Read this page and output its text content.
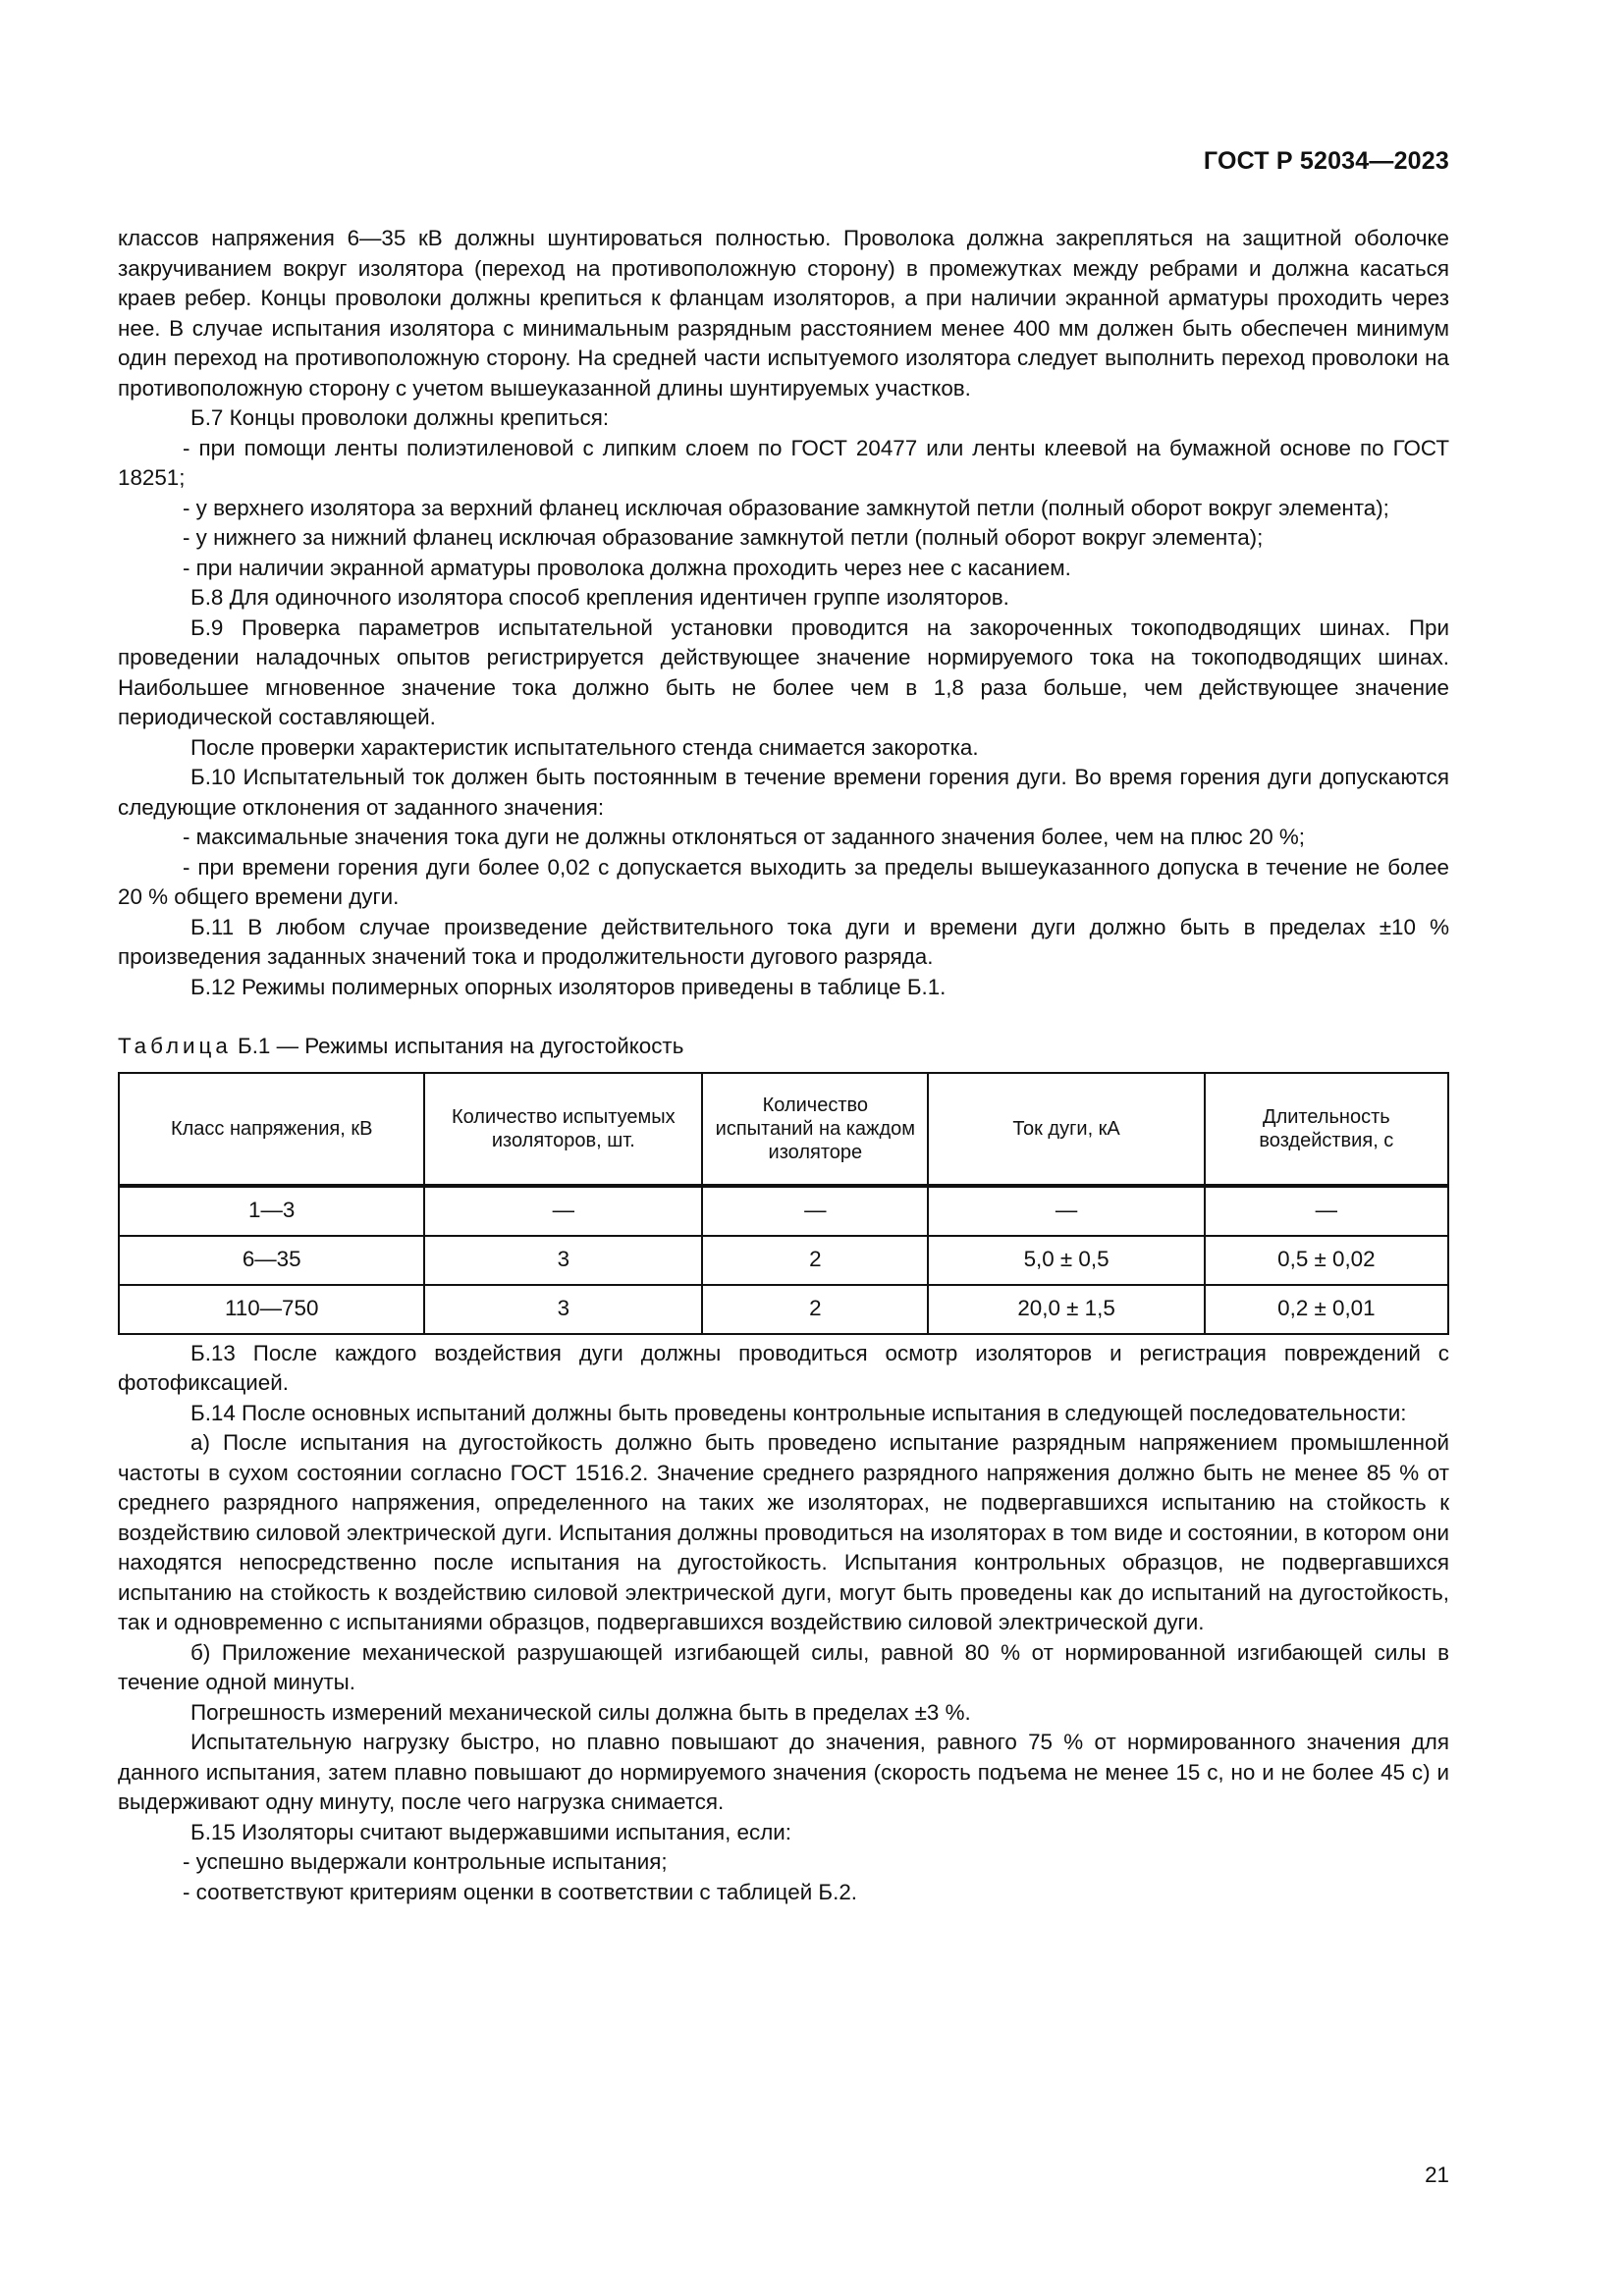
ГОСТ Р 52034—2023

классов напряжения 6—35 кВ должны шунтироваться полностью. Проволока должна закрепляться на защитной оболочке закручиванием вокруг изолятора (переход на противоположную сторону) в промежутках между ребрами и должна касаться краев ребер. Концы проволоки должны крепиться к фланцам изоляторов, а при наличии экранной арматуры проходить через нее. В случае испытания изолятора с минимальным разрядным расстоянием менее 400 мм должен быть обеспечен минимум один переход на противоположную сторону. На средней части испытуемого изолятора следует выполнить переход проволоки на противоположную сторону с учетом вышеуказанной длины шунтируемых участков.

Б.7 Концы проволоки должны крепиться:

- при помощи ленты полиэтиленовой с липким слоем по ГОСТ 20477 или ленты клеевой на бумажной основе по ГОСТ 18251;

- у верхнего изолятора за верхний фланец исключая образование замкнутой петли (полный оборот вокруг элемента);

- у нижнего за нижний фланец исключая образование замкнутой петли (полный оборот вокруг элемента);

- при наличии экранной арматуры проволока должна проходить через нее с касанием.

Б.8 Для одиночного изолятора способ крепления идентичен группе изоляторов.

Б.9 Проверка параметров испытательной установки проводится на закороченных токоподводящих шинах. При проведении наладочных опытов регистрируется действующее значение нормируемого тока на токоподводящих шинах. Наибольшее мгновенное значение тока должно быть не более чем в 1,8 раза больше, чем действующее значение периодической составляющей.

После проверки характеристик испытательного стенда снимается закоротка.

Б.10 Испытательный ток должен быть постоянным в течение времени горения дуги. Во время горения дуги допускаются следующие отклонения от заданного значения:

- максимальные значения тока дуги не должны отклоняться от заданного значения более, чем на плюс 20 %;

- при времени горения дуги более 0,02 с допускается выходить за пределы вышеуказанного допуска в течение не более 20 % общего времени дуги.

Б.11 В любом случае произведение действительного тока дуги и времени дуги должно быть в пределах ±10 % произведения заданных значений тока и продолжительности дугового разряда.

Б.12 Режимы полимерных опорных изоляторов приведены в таблице Б.1.

Таблица Б.1 — Режимы испытания на дугостойкость

Класс напряжения, кВ	Количество испытуемых изоляторов, шт.	Количество испытаний на каждом изоляторе	Ток дуги, кА	Длительность воздействия, с
1—3	—	—	—	—
6—35	3	2	5,0 ± 0,5	0,5 ± 0,02
110—750	3	2	20,0 ± 1,5	0,2 ± 0,01

Б.13 После каждого воздействия дуги должны проводиться осмотр изоляторов и регистрация повреждений с фотофиксацией.

Б.14 После основных испытаний должны быть проведены контрольные испытания в следующей последовательности:

а) После испытания на дугостойкость должно быть проведено испытание разрядным напряжением промышленной частоты в сухом состоянии согласно ГОСТ 1516.2. Значение среднего разрядного напряжения должно быть не менее 85 % от среднего разрядного напряжения, определенного на таких же изоляторах, не подвергавшихся испытанию на стойкость к воздействию силовой электрической дуги. Испытания должны проводиться на изоляторах в том виде и состоянии, в котором они находятся непосредственно после испытания на дугостойкость. Испытания контрольных образцов, не подвергавшихся испытанию на стойкость к воздействию силовой электрической дуги, могут быть проведены как до испытаний на дугостойкость, так и одновременно с испытаниями образцов, подвергавшихся воздействию силовой электрической дуги.

б) Приложение механической разрушающей изгибающей силы, равной 80 % от нормированной изгибающей силы в течение одной минуты.

Погрешность измерений механической силы должна быть в пределах ±3 %.

Испытательную нагрузку быстро, но плавно повышают до значения, равного 75 % от нормированного значения для данного испытания, затем плавно повышают до нормируемого значения (скорость подъема не менее 15 с, но и не более 45 с) и выдерживают одну минуту, после чего нагрузка снимается.

Б.15 Изоляторы считают выдержавшими испытания, если:

- успешно выдержали контрольные испытания;

- соответствуют критериям оценки в соответствии с таблицей Б.2.

21
